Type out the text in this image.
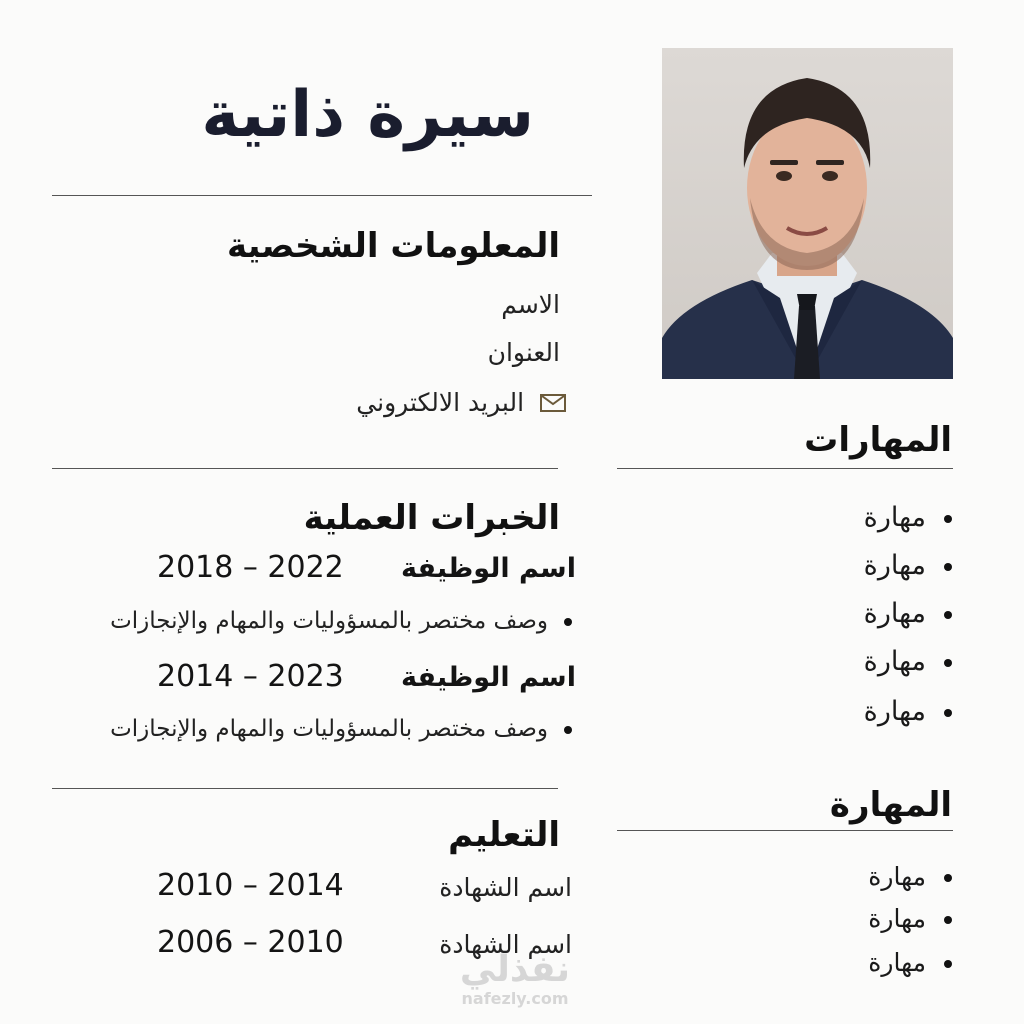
سيرة ذاتية
المعلومات الشخصية
الاسم
العنوان
البريد الالكتروني
الخبرات العملية
اسم الوظيفة
2018 – 2022
وصف مختصر بالمسؤوليات والمهام والإنجازات
اسم الوظيفة
2014 – 2023
وصف مختصر بالمسؤوليات والمهام والإنجازات
التعليم
اسم الشهادة
2010 – 2014
اسم الشهادة
2006 – 2010
المهارات
مهارة
مهارة
مهارة
مهارة
مهارة
المهارة
مهارة
مهارة
مهارة
نفذلي
nafezly.com
